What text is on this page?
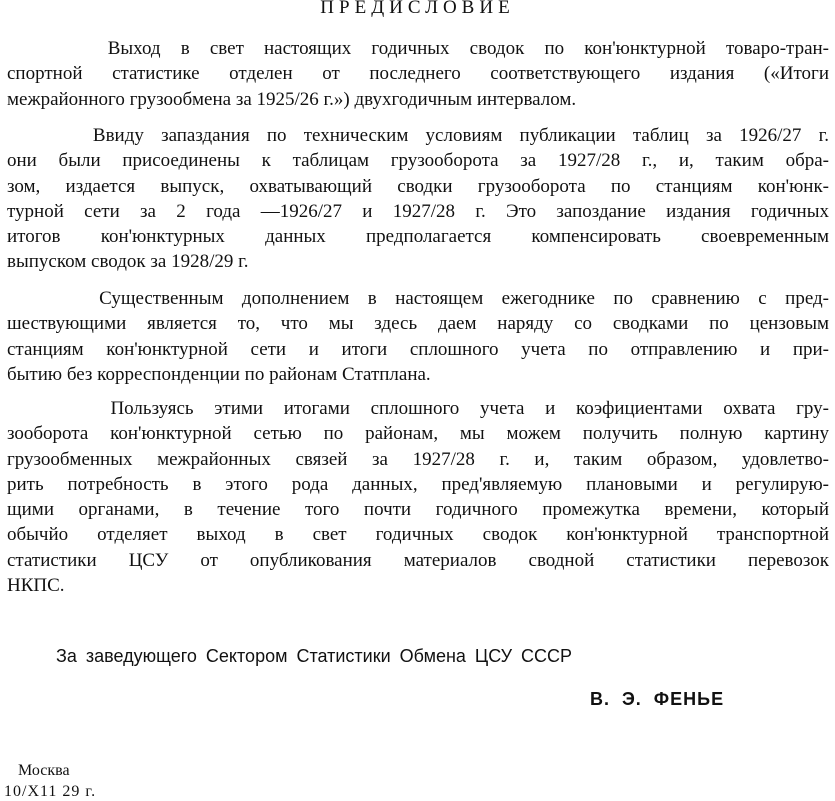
ПРЕДИСЛОВИЕ
Выход в свет настоящих годичных сводок по кон'юнктурной товаро-тран-
спортной статистике отделен от последнего соответствующего издания («Итоги
межрайонного грузообмена за 1925/26 г.») двухгодичным интервалом.
Ввиду запаздания по техническим условиям публикации таблиц за 1926/27 г.
они были присоединены к таблицам грузооборота за 1927/28 г., и, таким обра-
зом, издается выпуск, охватывающий сводки грузооборота по станциям кон'юнк-
турной сети за 2 года —1926/27 и 1927/28 г. Это запоздание издания годичных
итогов кон'юнктурных данных предполагается компенсировать своевременным
выпуском сводок за 1928/29 г.
Существенным дополнением в настоящем ежегоднике по сравнению с пред-
шествующими является то, что мы здесь даем наряду со сводками по цензовым
станциям кон'юнктурной сети и итоги сплошного учета по отправлению и при-
бытию без корреспонденции по районам Статплана.
Пользуясь этими итогами сплошного учета и коэфициентами охвата гру-
зооборота кон'юнктурной сетью по районам, мы можем получить полную картину
грузообменных межрайонных связей за 1927/28 г. и, таким образом, удовлетво-
рить потребность в этого рода данных, пред'являемую плановыми и регулирую-
щими органами, в течение того почти годичного промежутка времени, который
обычйо отделяет выход в свет годичных сводок кон'юнктурной транспортной
статистики ЦСУ от опубликования материалов сводной статистики перевозок
НКПС.
За заведующего Сектором Статистики Обмена ЦСУ СССР
В. Э. ФЕНЬЕ
Москва
10/X11 29 г.
